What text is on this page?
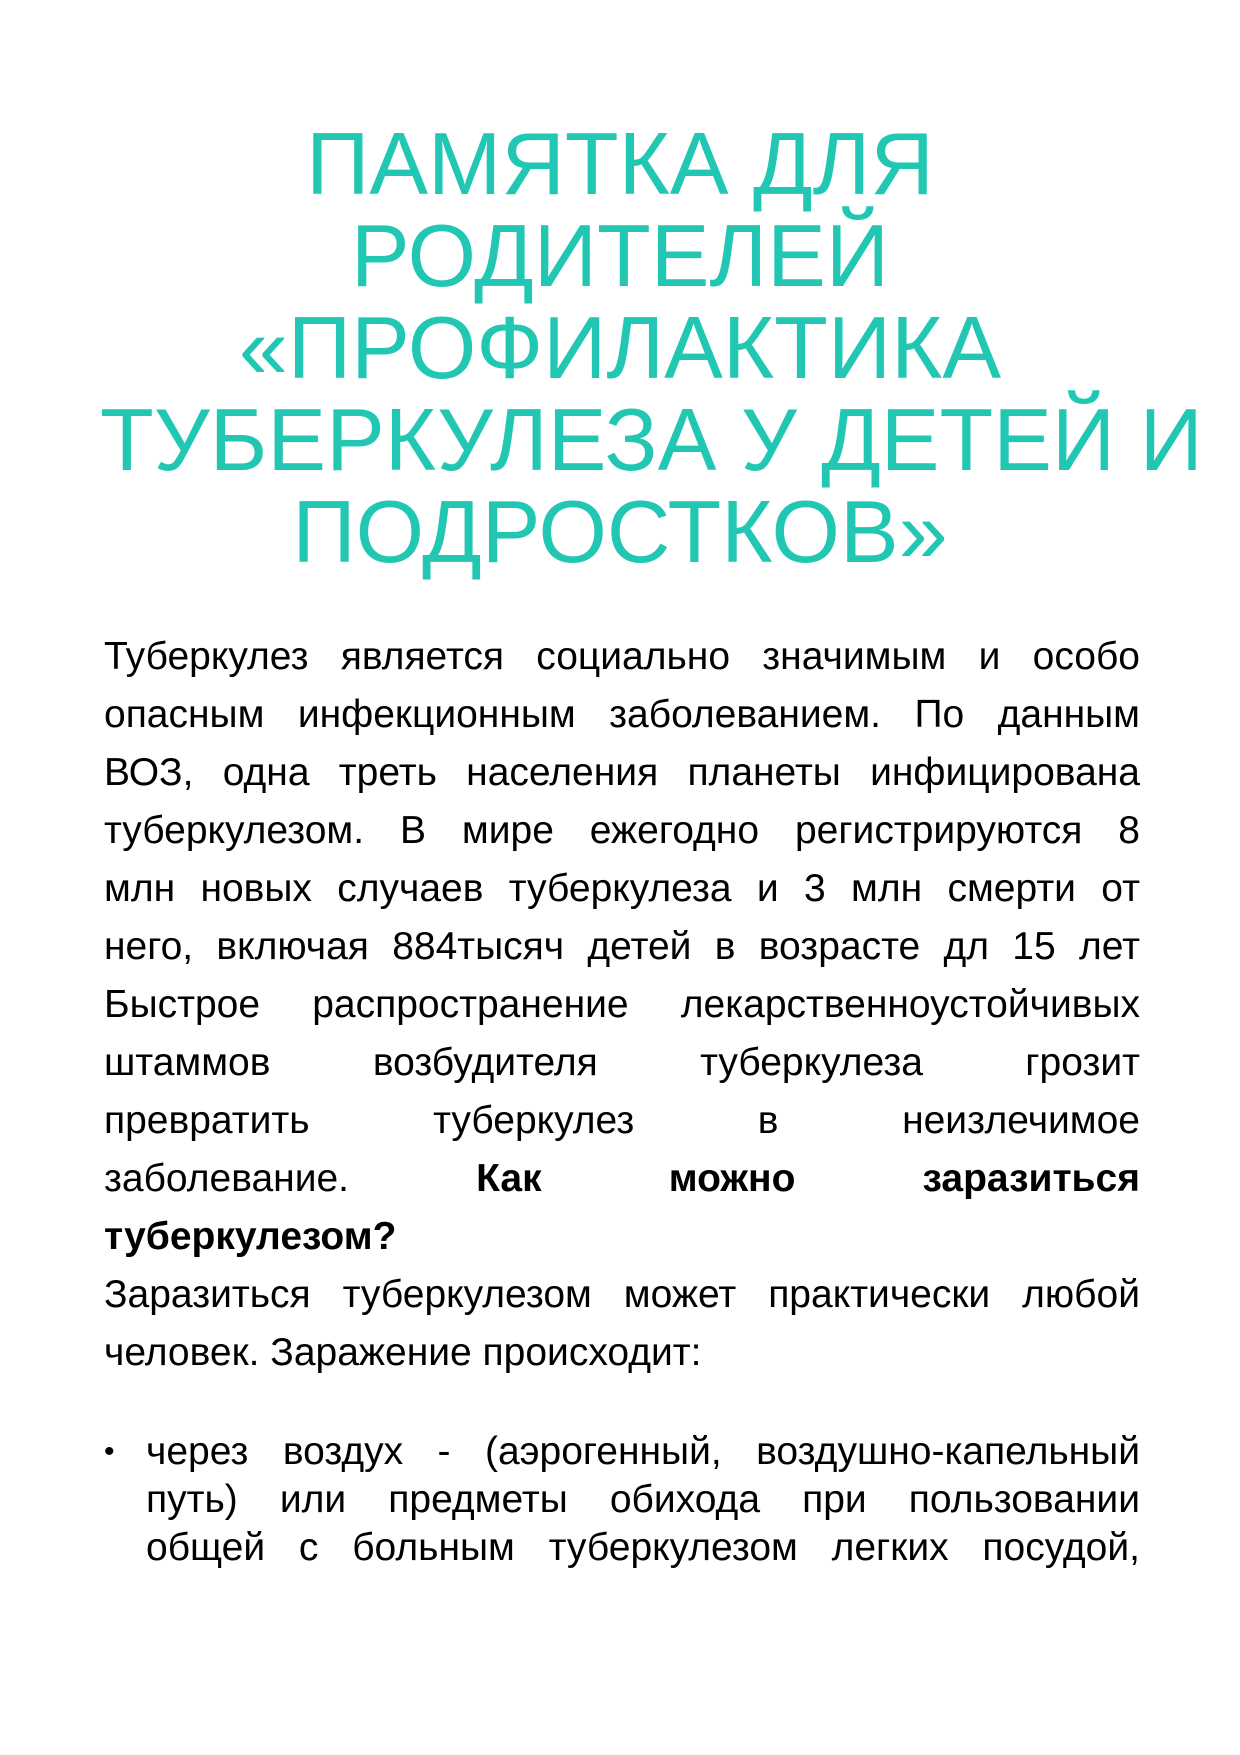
ПАМЯТКА ДЛЯ
РОДИТЕЛЕЙ
«ПРОФИЛАКТИКА
ТУБЕРКУЛЕЗА У ДЕТЕЙ И
ПОДРОСТКОВ»
Туберкулез является социально значимым и особо
опасным инфекционным заболеванием. По данным
ВОЗ, одна треть населения планеты инфицирована
туберкулезом. В мире ежегодно регистрируются 8
млн новых случаев туберкулеза и 3 млн смерти от
него, включая 884тысяч детей в возрасте дл 15 лет
Быстрое распространение лекарственноустойчивых
штаммов возбудителя туберкулеза грозит
превратить туберкулез в неизлечимое
заболевание.	Как можно заразиться
туберкулезом?
Заразиться туберкулезом может практически любой
человек. Заражение происходит:
• через воздух - (аэрогенный, воздушно-капельный
путь) или предметы обихода при пользовании
общей с больным туберкулезом легких посудой,
